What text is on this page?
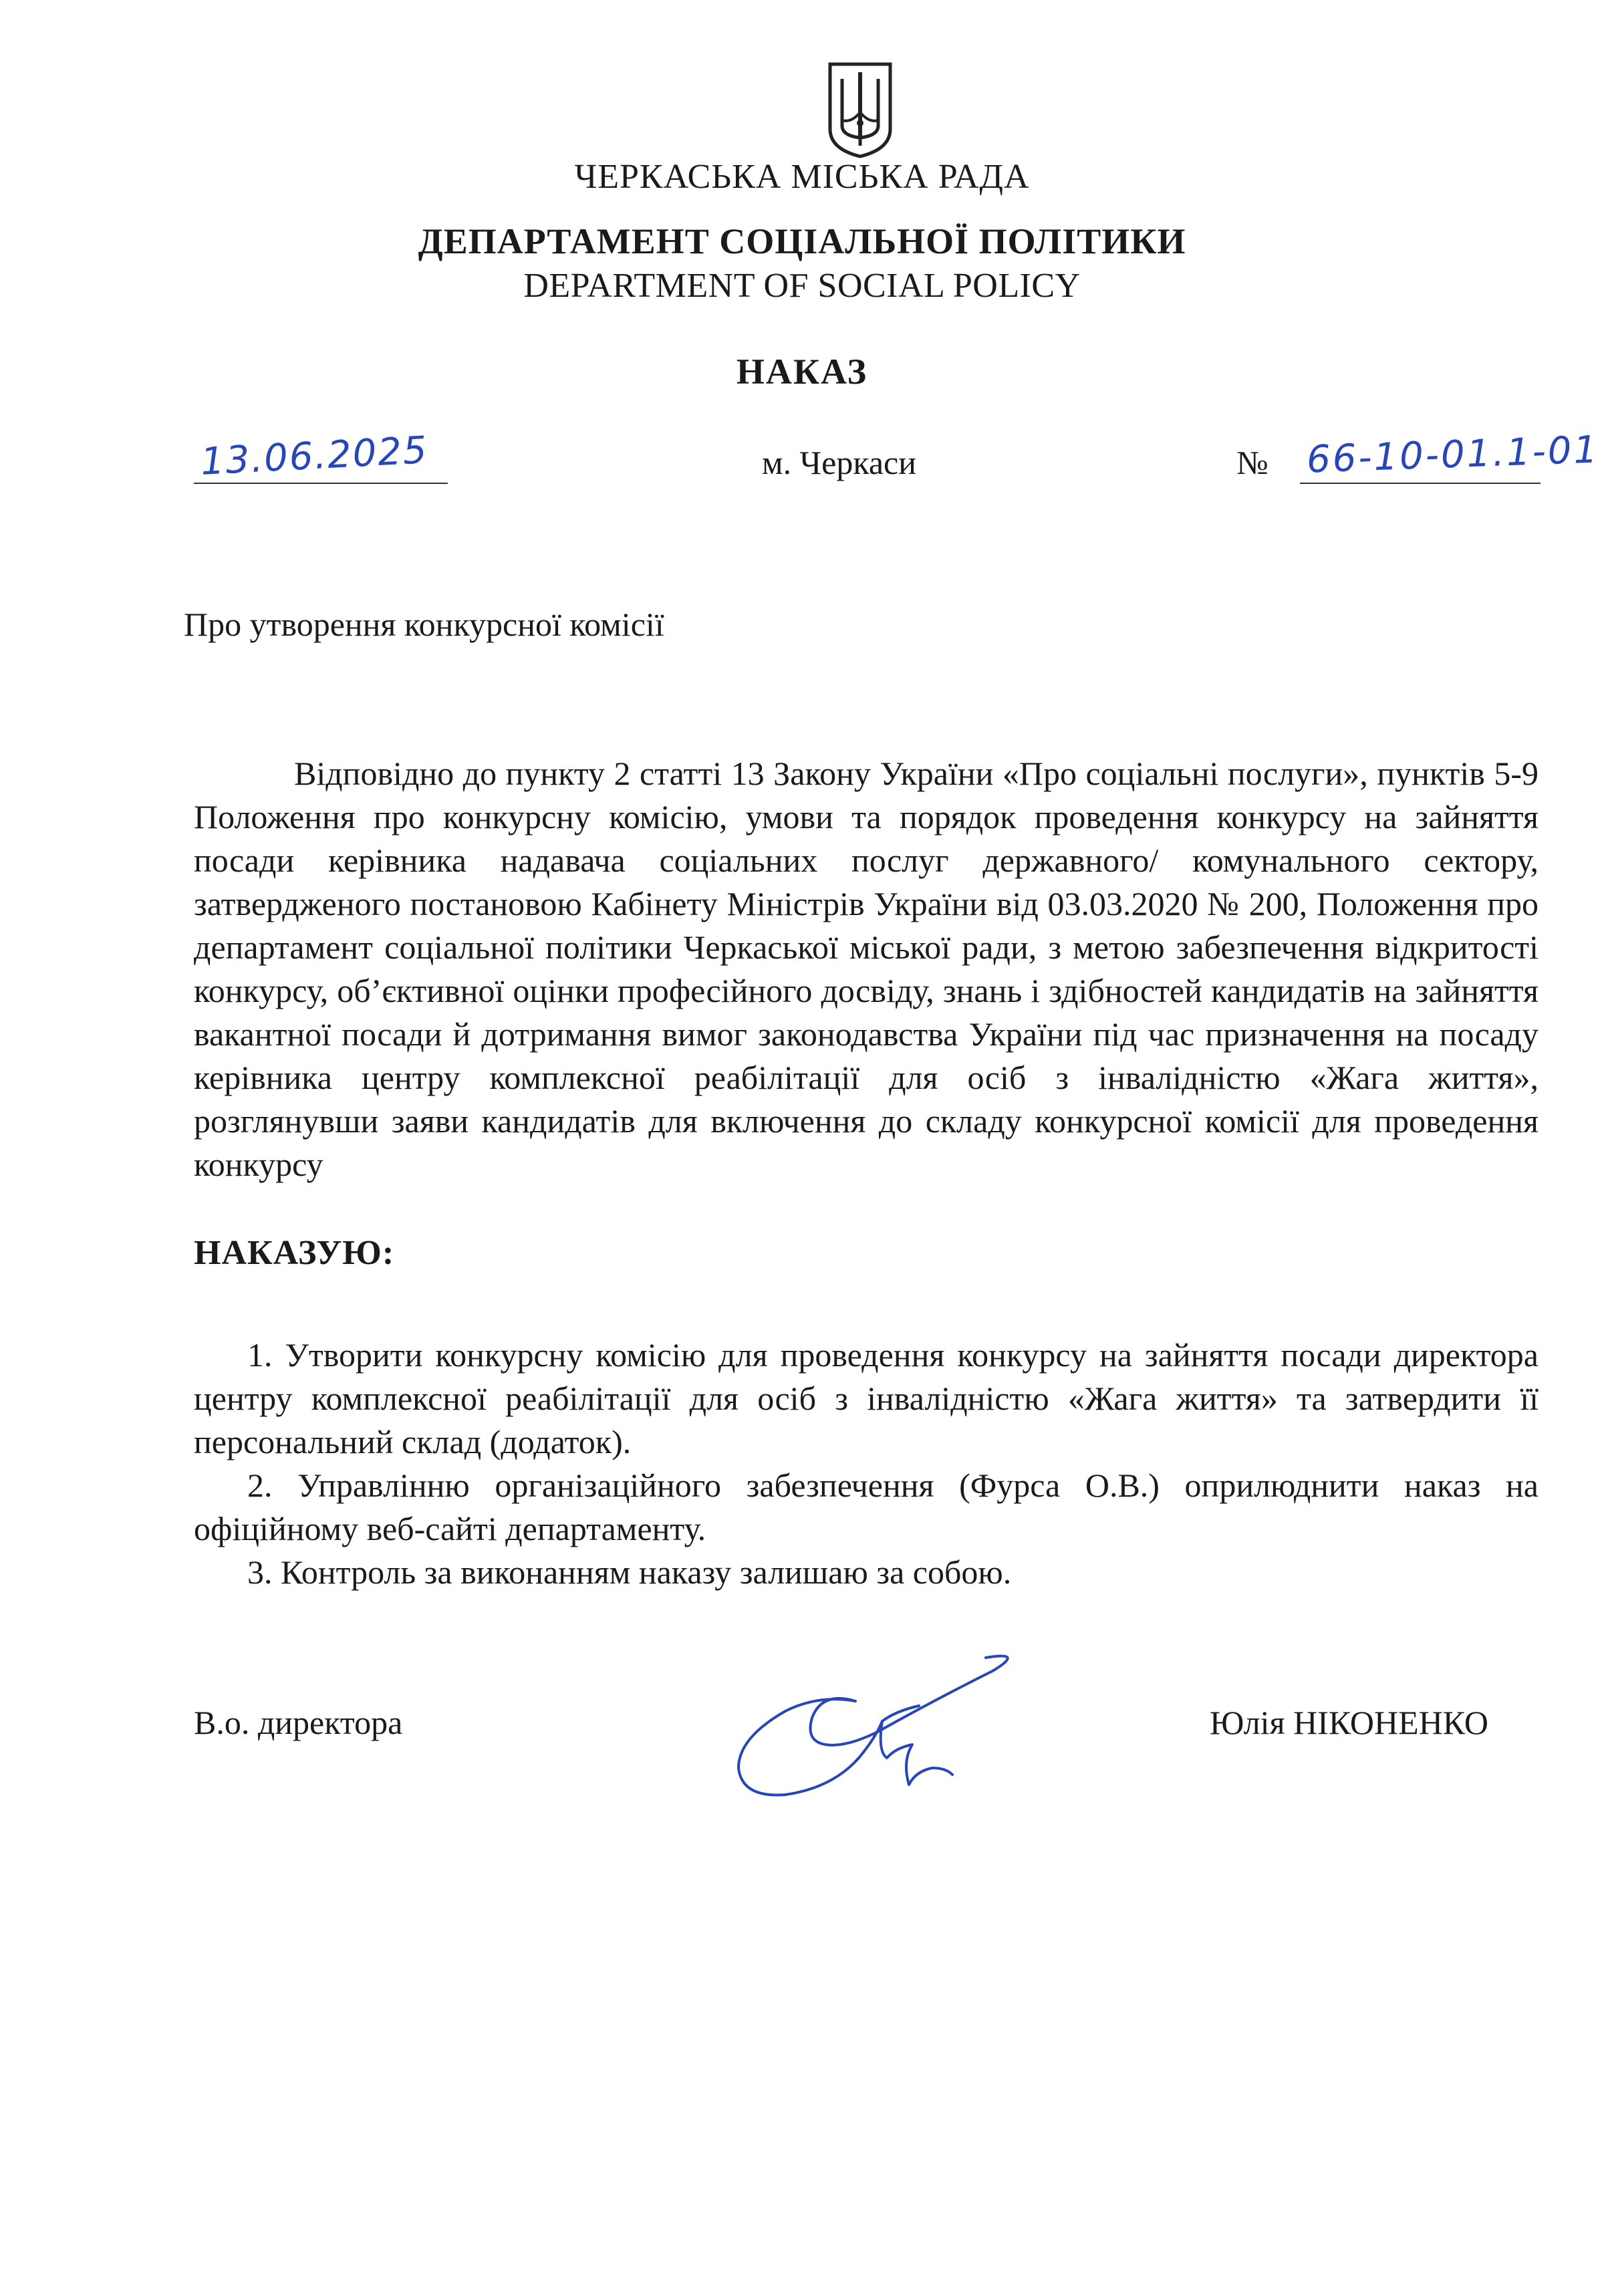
ЧЕРКАСЬКА МІСЬКА РАДА
ДЕПАРТАМЕНТ СОЦІАЛЬНОЇ ПОЛІТИКИ
DEPARTMENT OF SOCIAL POLICY
НАКАЗ
13.06.2025	м. Черкаси	№ 66-10-01.1-01
Про утворення конкурсної комісії

Відповідно до пункту 2 статті 13 Закону України «Про соціальні послуги», пунктів 5-9 Положення про конкурсну комісію, умови та порядок проведення конкурсу на зайняття посади керівника надавача соціальних послуг державного/ комунального сектору, затвердженого постановою Кабінету Міністрів України від 03.03.2020 № 200, Положення про департамент соціальної політики Черкаської міської ради, з метою забезпечення відкритості конкурсу, об’єктивної оцінки професійного досвіду, знань і здібностей кандидатів на зайняття вакантної посади й дотримання вимог законодавства України під час призначення на посаду керівника центру комплексної реабілітації для осіб з інвалідністю «Жага життя», розглянувши заяви кандидатів для включення до складу конкурсної комісії для проведення конкурсу

НАКАЗУЮ:
1. Утворити конкурсну комісію для проведення конкурсу на зайняття посади директора центру комплексної реабілітації для осіб з інвалідністю «Жага життя» та затвердити її персональний склад (додаток).
2. Управлінню організаційного забезпечення (Фурса О.В.) оприлюднити наказ на офіційному веб-сайті департаменту.
3. Контроль за виконанням наказу залишаю за собою.
В.о. директора	Юлія НІКОНЕНКО
